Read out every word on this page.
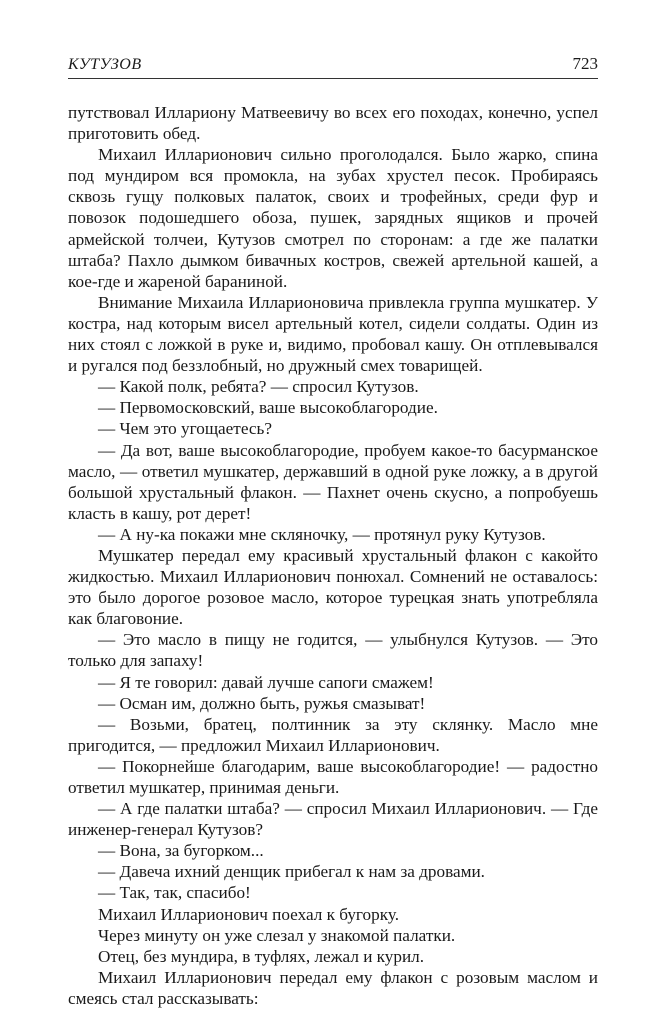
КУТУЗОВ	723

путствовал Иллариону Матвеевичу во всех его походах, конечно, успел приготовить обед.

Михаил Илларионович сильно проголодался. Было жарко, спина под мундиром вся промокла, на зубах хрустел песок. Пробираясь сквозь гущу полковых палаток, своих и трофейных, среди фур и повозок подошедшего обоза, пушек, зарядных ящиков и прочей армейской толчеи, Кутузов смотрел по сторонам: а где же палатки штаба? Пахло дымком бивачных костров, свежей артельной кашей, а кое-где и жареной бараниной.

Внимание Михаила Илларионовича привлекла группа мушкатер. У костра, над которым висел артельный котел, сидели солдаты. Один из них стоял с ложкой в руке и, видимо, пробовал кашу. Он отплевывался и ругался под беззлобный, но дружный смех товарищей.

— Какой полк, ребята? — спросил Кутузов.

— Первомосковский, ваше высокоблагородие.

— Чем это угощаетесь?

— Да вот, ваше высокоблагородие, пробуем какое-то басурманское масло, — ответил мушкатер, державший в одной руке ложку, а в другой большой хрустальный флакон. — Пахнет очень скусно, а попробуешь класть в кашу, рот дерет!

— А ну-ка покажи мне скляночку, — протянул руку Кутузов.

Мушкатер передал ему красивый хрустальный флакон с какойто жидкостью. Михаил Илларионович понюхал. Сомнений не оставалось: это было дорогое розовое масло, которое турецкая знать употребляла как благовоние.

— Это масло в пищу не годится, — улыбнулся Кутузов. — Это только для запаху!

— Я те говорил: давай лучше сапоги смажем!

— Осман им, должно быть, ружья смазыват!

— Возьми, братец, полтинник за эту склянку. Масло мне пригодится, — предложил Михаил Илларионович.

— Покорнейше благодарим, ваше высокоблагородие! — радостно ответил мушкатер, принимая деньги.

— А где палатки штаба? — спросил Михаил Илларионович. — Где инженер-генерал Кутузов?

— Вона, за бугорком...

— Давеча ихний денщик прибегал к нам за дровами.

— Так, так, спасибо!

Михаил Илларионович поехал к бугорку.

Через минуту он уже слезал у знакомой палатки.

Отец, без мундира, в туфлях, лежал и курил.

Михаил Илларионович передал ему флакон с розовым маслом и смеясь стал рассказывать:
